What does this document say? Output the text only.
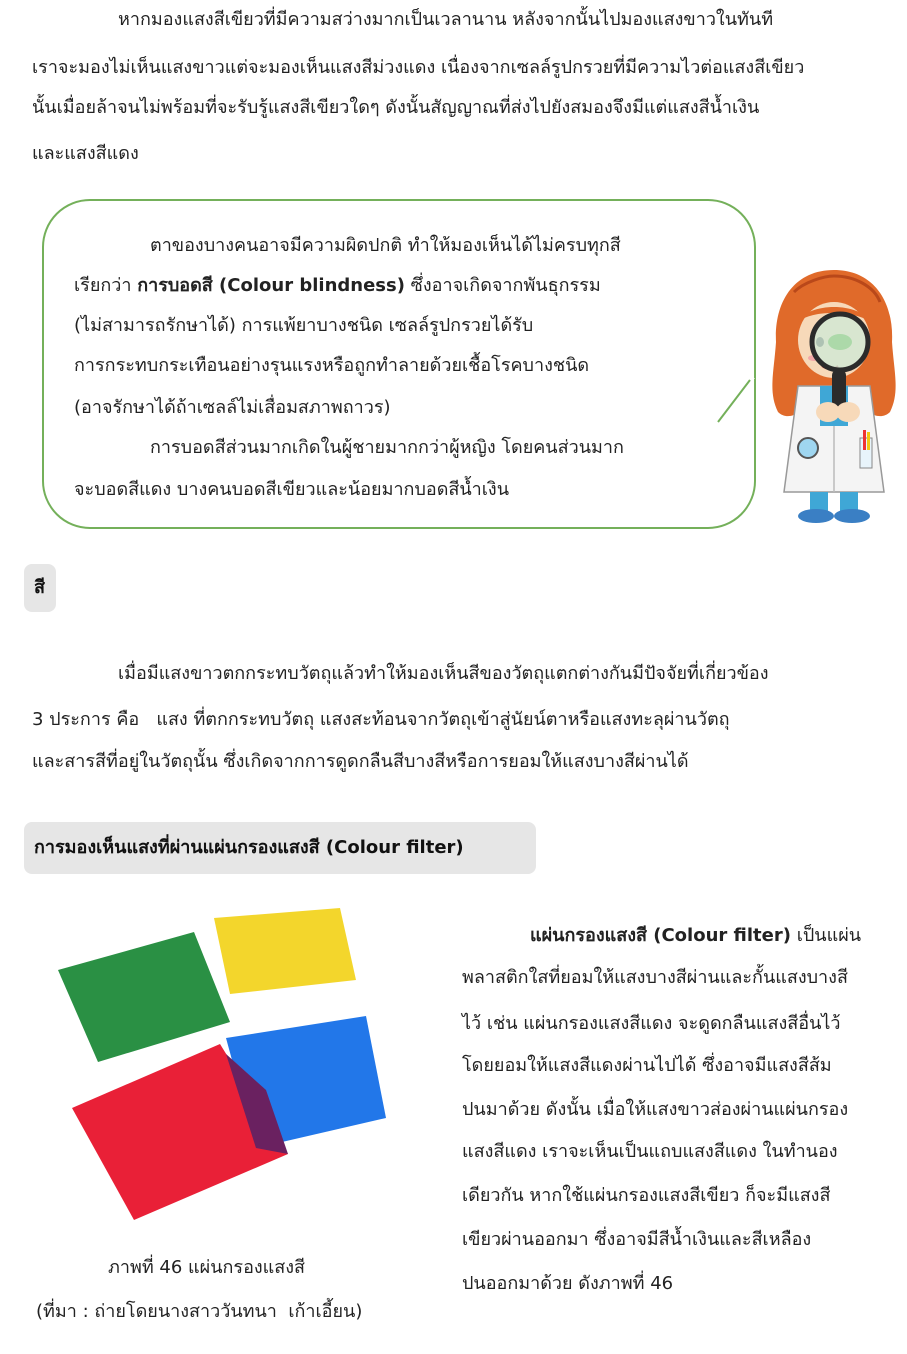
หากมองแสงสีเขียวที่มีความสว่างมากเป็นเวลานาน หลังจากนั้นไปมองแสงขาวในทันที
เราจะมองไม่เห็นแสงขาวแต่จะมองเห็นแสงสีม่วงแดง เนื่องจากเซลล์รูปกรวยที่มีความไวต่อแสงสีเขียว
นั้นเมื่อยล้าจนไม่พร้อมที่จะรับรู้แสงสีเขียวใดๆ ดังนั้นสัญญาณที่ส่งไปยังสมองจึงมีแต่แสงสีน้ำเงิน
และแสงสีแดง
ตาของบางคนอาจมีความผิดปกติ ทำให้มองเห็นได้ไม่ครบทุกสี
เรียกว่า การบอดสี (Colour blindness) ซึ่งอาจเกิดจากพันธุกรรม
(ไม่สามารถรักษาได้) การแพ้ยาบางชนิด เซลล์รูปกรวยได้รับ
การกระทบกระเทือนอย่างรุนแรงหรือถูกทำลายด้วยเชื้อโรคบางชนิด
(อาจรักษาได้ถ้าเซลล์ไม่เสื่อมสภาพถาวร)
การบอดสีส่วนมากเกิดในผู้ชายมากกว่าผู้หญิง โดยคนส่วนมาก
จะบอดสีแดง บางคนบอดสีเขียวและน้อยมากบอดสีน้ำเงิน
สี
เมื่อมีแสงขาวตกกระทบวัตถุแล้วทำให้มองเห็นสีของวัตถุแตกต่างกันมีปัจจัยที่เกี่ยวข้อง
3 ประการ คือ   แสง ที่ตกกระทบวัตถุ แสงสะท้อนจากวัตถุเข้าสู่นัยน์ตาหรือแสงทะลุผ่านวัตถุ
และสารสีที่อยู่ในวัตถุนั้น ซึ่งเกิดจากการดูดกลืนสีบางสีหรือการยอมให้แสงบางสีผ่านได้
การมองเห็นแสงที่ผ่านแผ่นกรองแสงสี (Colour filter)
ภาพที่ 46 แผ่นกรองแสงสี
(ที่มา : ถ่ายโดยนางสาววันทนา  เก้าเอี้ยน)
แผ่นกรองแสงสี (Colour filter) เป็นแผ่น
พลาสติกใสที่ยอมให้แสงบางสีผ่านและกั้นแสงบางสี
ไว้ เช่น แผ่นกรองแสงสีแดง จะดูดกลืนแสงสีอื่นไว้
โดยยอมให้แสงสีแดงผ่านไปได้ ซึ่งอาจมีแสงสีส้ม
ปนมาด้วย ดังนั้น เมื่อให้แสงขาวส่องผ่านแผ่นกรอง
แสงสีแดง เราจะเห็นเป็นแถบแสงสีแดง ในทำนอง
เดียวกัน หากใช้แผ่นกรองแสงสีเขียว ก็จะมีแสงสี
เขียวผ่านออกมา ซึ่งอาจมีสีน้ำเงินและสีเหลือง
ปนออกมาด้วย ดังภาพที่ 46
